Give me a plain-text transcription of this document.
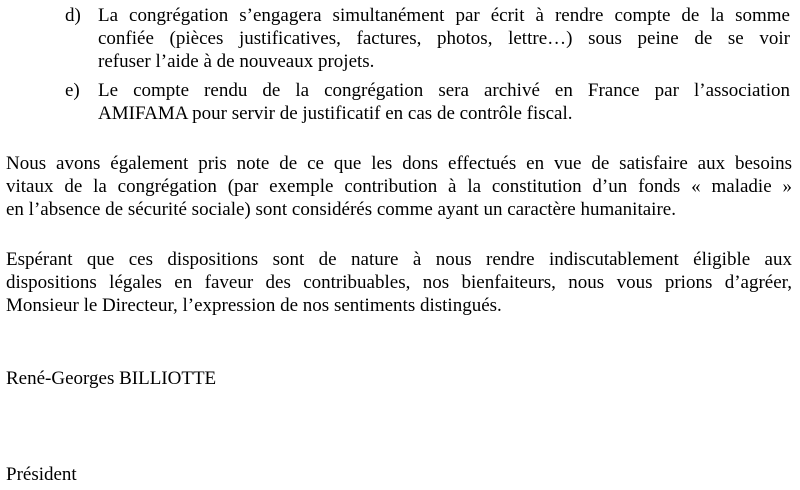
d) La congrégation s’engagera simultanément par écrit à rendre compte de la somme
confiée (pièces justificatives, factures, photos, lettre…) sous peine de se voir
refuser l’aide à de nouveaux projets.
e) Le compte rendu de la congrégation sera archivé en France par l’association
AMIFAMA pour servir de justificatif en cas de contrôle fiscal.
Nous avons également pris note de ce que les dons effectués en vue de satisfaire aux besoins
vitaux de la congrégation (par exemple contribution à la constitution d’un fonds « maladie »
en l’absence de sécurité sociale) sont considérés comme ayant un caractère humanitaire.
Espérant que ces dispositions sont de nature à nous rendre indiscutablement éligible aux
dispositions légales en faveur des contribuables, nos bienfaiteurs, nous vous prions d’agréer,
Monsieur le Directeur, l’expression de nos sentiments distingués.
René-Georges BILLIOTTE
Président
